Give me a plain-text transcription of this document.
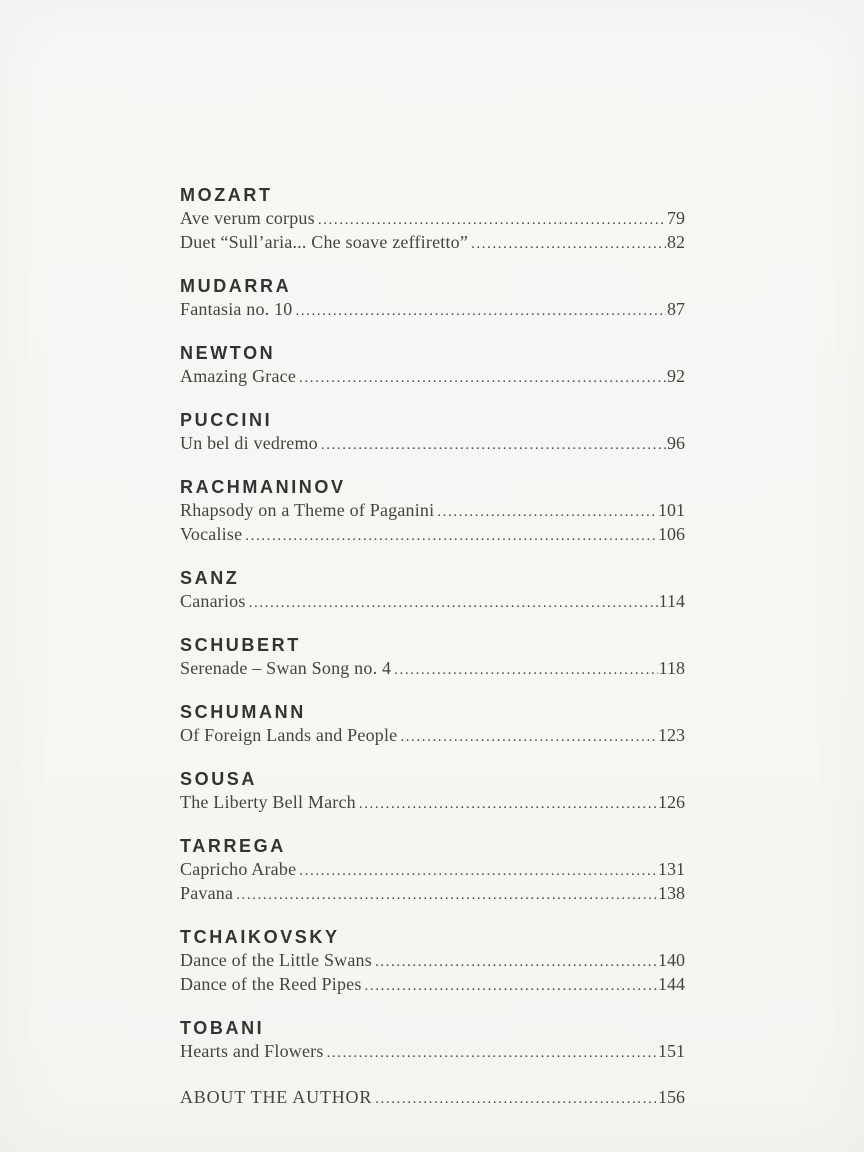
MOZART
Ave verum corpus .....	79
Duet “Sull’aria... Che soave zeffiretto” .....	82
MUDARRA
Fantasia no. 10 .....	87
NEWTON
Amazing Grace .....	92
PUCCINI
Un bel di vedremo .....	96
RACHMANINOV
Rhapsody on a Theme of Paganini .....	101
Vocalise .....	106
SANZ
Canarios .....	114
SCHUBERT
Serenade – Swan Song no. 4 .....	118
SCHUMANN
Of Foreign Lands and People .....	123
SOUSA
The Liberty Bell March .....	126
TARREGA
Capricho Arabe .....	131
Pavana .....	138
TCHAIKOVSKY
Dance of the Little Swans .....	140
Dance of the Reed Pipes .....	144
TOBANI
Hearts and Flowers .....	151
ABOUT THE AUTHOR .....	156
